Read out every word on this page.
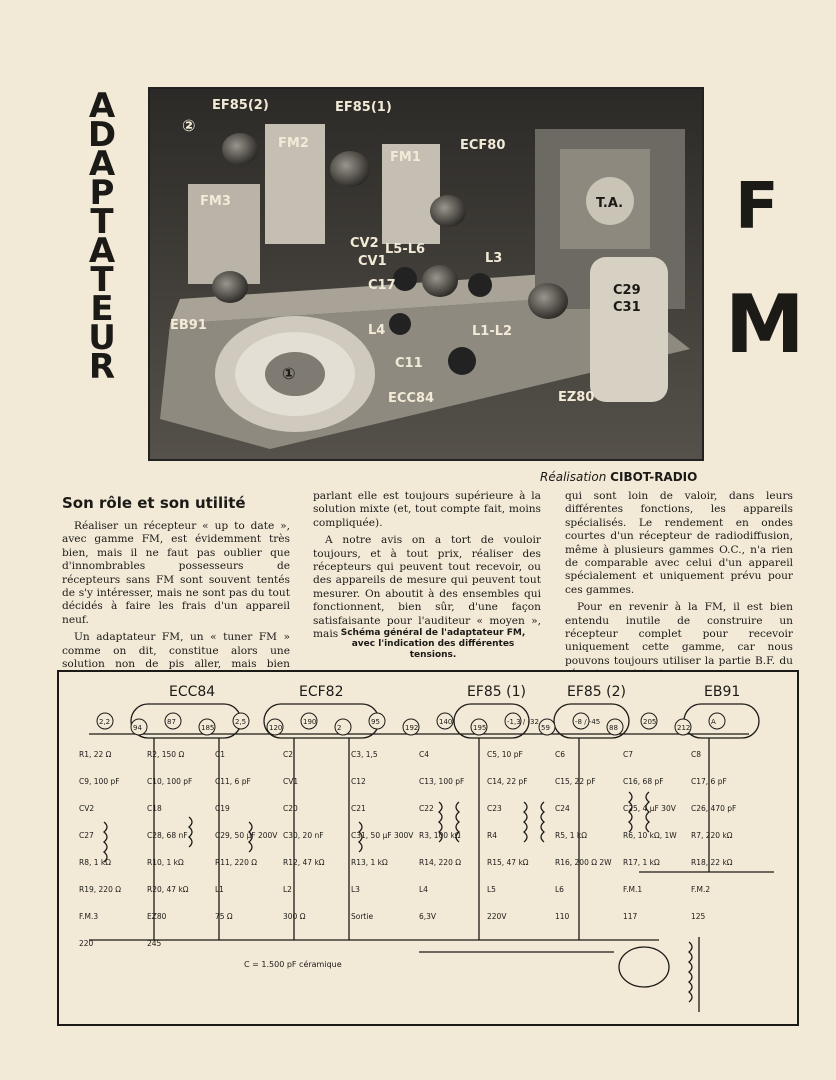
A
D
A
P
T
A
T
E
U
R
F
M
EF85(2)	EF85(1)
FM2
FM1
ECF80
FM3
CV2
CV1
L5-L6
L3
C17
EB91	L4	L1-L2
C11
ECC84
T.A.
C29
C31
EZ80
①
②
Réalisation CIBOT-RADIO
Son rôle et son utilité

Réaliser un récepteur « up to date », avec gamme FM, est évidemment très bien, mais il ne faut pas oublier que d'innombrables possesseurs de récepteurs sans FM sont souvent tentés de s'y intéresser, mais ne sont pas du tout décidés à faire les frais d'un appareil neuf.

Un adaptateur FM, un « tuner FM » comme on dit, constitue alors une solution non de pis aller, mais bien

parlant elle est toujours supérieure à la solution mixte (et, tout compte fait, moins compliquée).

A notre avis on a tort de vouloir toujours, et à tout prix, réaliser des récepteurs qui peuvent tout recevoir, ou des appareils de mesure qui peuvent tout mesurer. On aboutit à des ensembles qui fonctionnent, bien sûr, d'une façon satisfaisante pour l'auditeur « moyen », mais

qui sont loin de valoir, dans leurs différentes fonctions, les appareils spécialisés. Le rendement en ondes courtes d'un récepteur de radiodiffusion, même à plusieurs gammes O.C., n'a rien de comparable avec celui d'un appareil spécialement et uniquement prévu pour ces gammes.

Pour en revenir à la FM, il est bien entendu inutile de construire un récepteur complet pour recevoir uniquement cette gamme, car nous pouvons toujours utiliser la partie B.F. du

Schéma général de l'adaptateur FM,
avec l'indication des différentes
tensions.
ECC84	ECF82	EF85 (1)	EF85 (2)	EB91
R1, 22 Ω	R2, 150 Ω	C1	C2	C3, 1,5	C4	C5, 10 pF	C6	C7	C8
C9, 100 pF	C10, 100 pF	C11, 6 pF	CV1	C12	C13, 100 pF	C14, 22 pF	C15, 22 pF	C16, 68 pF	C17, 6 pF
CV2	C18	C19	C20	C21	C22	C23	C24	C25, 4 µF 30V C26, 470 pF
C27	C28, 68 nF	C29, 50 µF 200V C30, 20 nF	C31, 50 µF 300V R3, 100 kΩ	R4	R5, 1 kΩ	R6, 10 kΩ, 1W R7, 220 kΩ
R8, 1 kΩ	R10, 1 kΩ	R11, 220 Ω	R12, 47 kΩ	R13, 1 kΩ	R14, 220 Ω	R15, 47 kΩ	R16, 200 Ω 2W R17, 1 kΩ	R18, 22 kΩ
R19, 220 Ω	R20, 47 kΩ	L1	L2	L3	L4	L5	L6	F.M.1	F.M.2
F.M.3	EZ80	75 Ω	300 Ω	Sortie	6,3V	220V	110	117	125
220	245
2,2
94
87
185
2,5
120
190
2
95
192
140
195
-1,3 / -32
59
-8 / -45
88
205
212
A
C = 1.500 pF céramique
